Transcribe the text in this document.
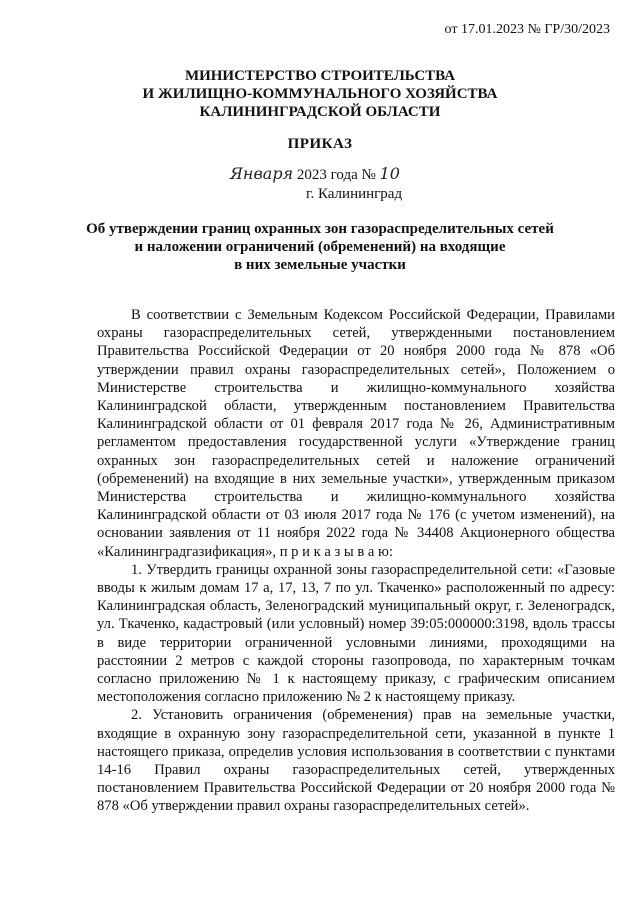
от 17.01.2023 № ГР/30/2023
МИНИСТЕРСТВО СТРОИТЕЛЬСТВА
И ЖИЛИЩНО-КОММУНАЛЬНОГО ХОЗЯЙСТВА
КАЛИНИНГРАДСКОЙ ОБЛАСТИ
ПРИКАЗ
Января 2023 года № 10
г. Калининград
Об утверждении границ охранных зон газораспределительных сетей
и наложении ограничений (обременений) на входящие
в них земельные участки

В соответствии с Земельным Кодексом Российской Федерации, Правилами охраны газораспределительных сетей, утвержденными постановлением Правительства Российской Федерации от 20 ноября 2000 года № 878 «Об утверждении правил охраны газораспределительных сетей», Положением о Министерстве строительства и жилищно-коммунального хозяйства Калининградской области, утвержденным постановлением Правительства Калининградской области от 01 февраля 2017 года № 26, Административным регламентом предоставления государственной услуги «Утверждение границ охранных зон газораспределительных сетей и наложение ограничений (обременений) на входящие в них земельные участки», утвержденным приказом Министерства строительства и жилищно-коммунального хозяйства Калининградской области от 03 июля 2017 года № 176 (с учетом изменений), на основании заявления от 11 ноября 2022 года № 34408 Акционерного общества «Калининградгазификация», п р и к а з ы в а ю:

1. Утвердить границы охранной зоны газораспределительной сети: «Газовые вводы к жилым домам 17 а, 17, 13, 7 по ул. Ткаченко» расположенный по адресу: Калининградская область, Зеленоградский муниципальный округ, г. Зеленоградск, ул. Ткаченко, кадастровый (или условный) номер 39:05:000000:3198, вдоль трассы в виде территории ограниченной условными линиями, проходящими на расстоянии 2 метров с каждой стороны газопровода, по характерным точкам согласно приложению № 1 к настоящему приказу, с графическим описанием местоположения согласно приложению № 2 к настоящему приказу.

2. Установить ограничения (обременения) прав на земельные участки, входящие в охранную зону газораспределительной сети, указанной в пункте 1 настоящего приказа, определив условия использования в соответствии с пунктами 14-16 Правил охраны газораспределительных сетей, утвержденных постановлением Правительства Российской Федерации от 20 ноября 2000 года № 878 «Об утверждении правил охраны газораспределительных сетей».
